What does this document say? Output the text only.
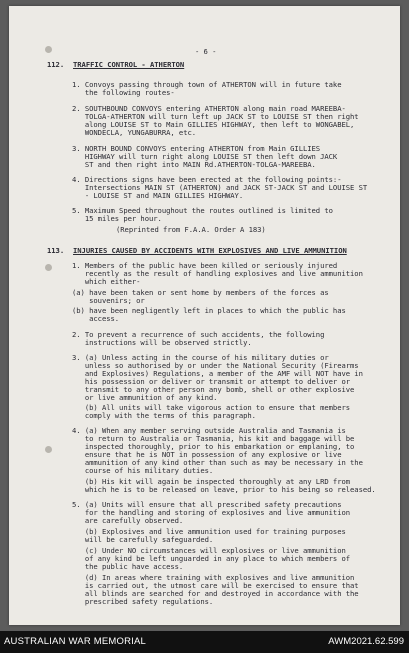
- 6 -
112. TRAFFIC CONTROL - ATHERTON
1. Convoys passing through town of ATHERTON will in future take
the following routes-
2. SOUTHBOUND CONVOYS entering ATHERTON along main road MAREEBA-
TOLGA-ATHERTON will turn left up JACK ST to LOUISE ST then right
along LOUISE ST to Main GILLIES HIGHWAY, then left to WONGABEL,
WONDECLA, YUNGABURRA, etc.
3. NORTH BOUND CONVOYS entering ATHERTON from Main GILLIES
HIGHWAY will turn right along LOUISE ST then left down JACK
ST and then right into MAIN Rd.ATHERTON-TOLGA-MAREEBA.
4. Directions signs have been erected at the following points:-
Intersections MAIN ST (ATHERTON) and JACK ST-JACK ST and LOUISE ST
- LOUISE ST and MAIN GILLIES HIGHWAY.
5. Maximum Speed throughout the routes outlined is limited to
15 miles per hour.
(Reprinted from F.A.A. Order A 183)
113. INJURIES CAUSED BY ACCIDENTS WITH EXPLOSIVES AND LIVE AMMUNITION
1. Members of the public have been killed or seriously injured
recently as the result of handling explosives and live ammunition
which either-
(a) have been taken or sent home by members of the forces as
souvenirs; or
(b) have been negligently left in places to which the public has
access.
2. To prevent a recurrence of such accidents, the following
instructions will be observed strictly.
3. (a) Unless acting in the course of his military duties or
unless so authorised by or under the National Security (Firearms
and Explosives) Regulations, a member of the AMF will NOT have in
his possession or deliver or transmit or attempt to deliver or
transmit to any other person any bomb, shell or other explosive
or live ammunition of any kind.
(b) All units will take vigorous action to ensure that members
comply with the terms of this paragraph.
4. (a) When any member serving outside Australia and Tasmania is
to return to Australia or Tasmania, his kit and baggage will be
inspected thoroughly, prior to his embarkation or emplaning, to
ensure that he is NOT in possession of any explosive or live
ammunition of any kind other than such as may be necessary in the
course of his military duties.
(b) His kit will again be inspected thoroughly at any LRD from
which he is to be released on leave, prior to his being so released.
5. (a) Units will ensure that all prescribed safety precautions
for the handling and storing of explosives and live ammunition
are carefully observed.
(b) Explosives and live ammunition used for training purposes
will be carefully safeguarded.
(c) Under NO circumstances will explosives or live ammunition
of any kind be left unguarded in any place to which members of
the public have access.
(d) In areas where training with explosives and live ammunition
is carried out, the utmost care will be exercised to ensure that
all blinds are searched for and destroyed in accordance with the
prescribed safety regulations.
AUSTRALIAN WAR MEMORIAL	AWM2021.62.599
